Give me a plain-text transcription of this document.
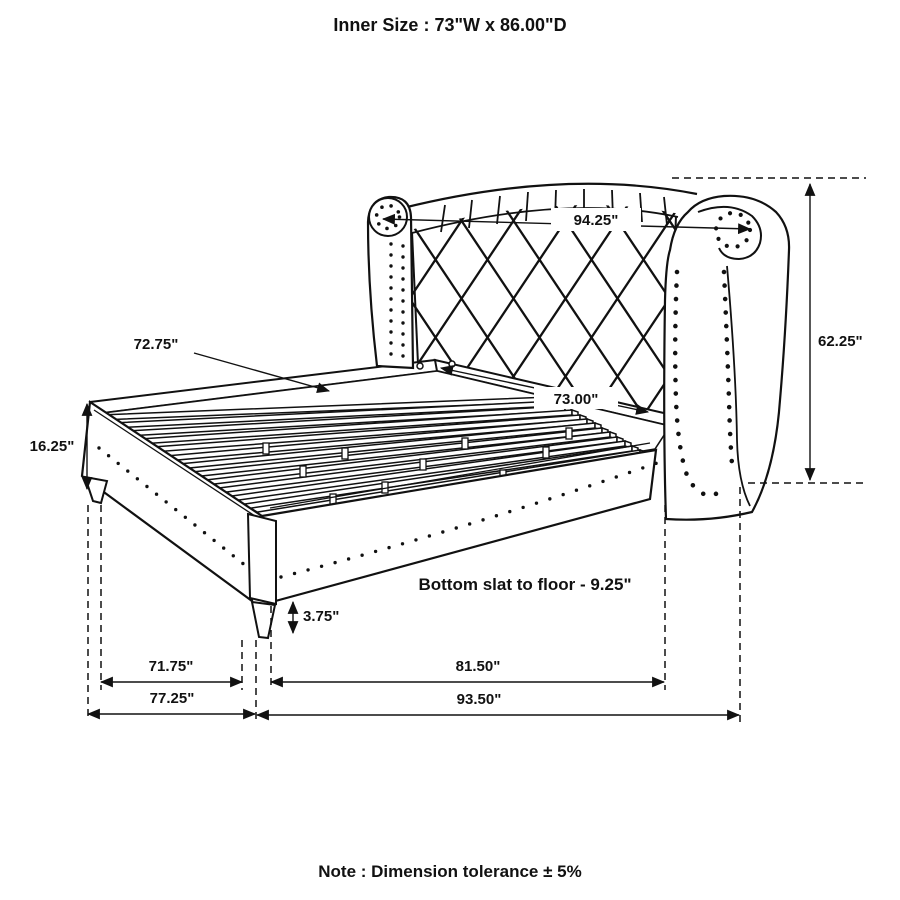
94.25"
62.25"
72.75"
16.25"
73.00"
Bottom slat to floor - 9.25"
3.75"
71.75"	81.50"
77.25"	93.50"
Inner Size : 73"W x 86.00"D
Note : Dimension tolerance ± 5%
